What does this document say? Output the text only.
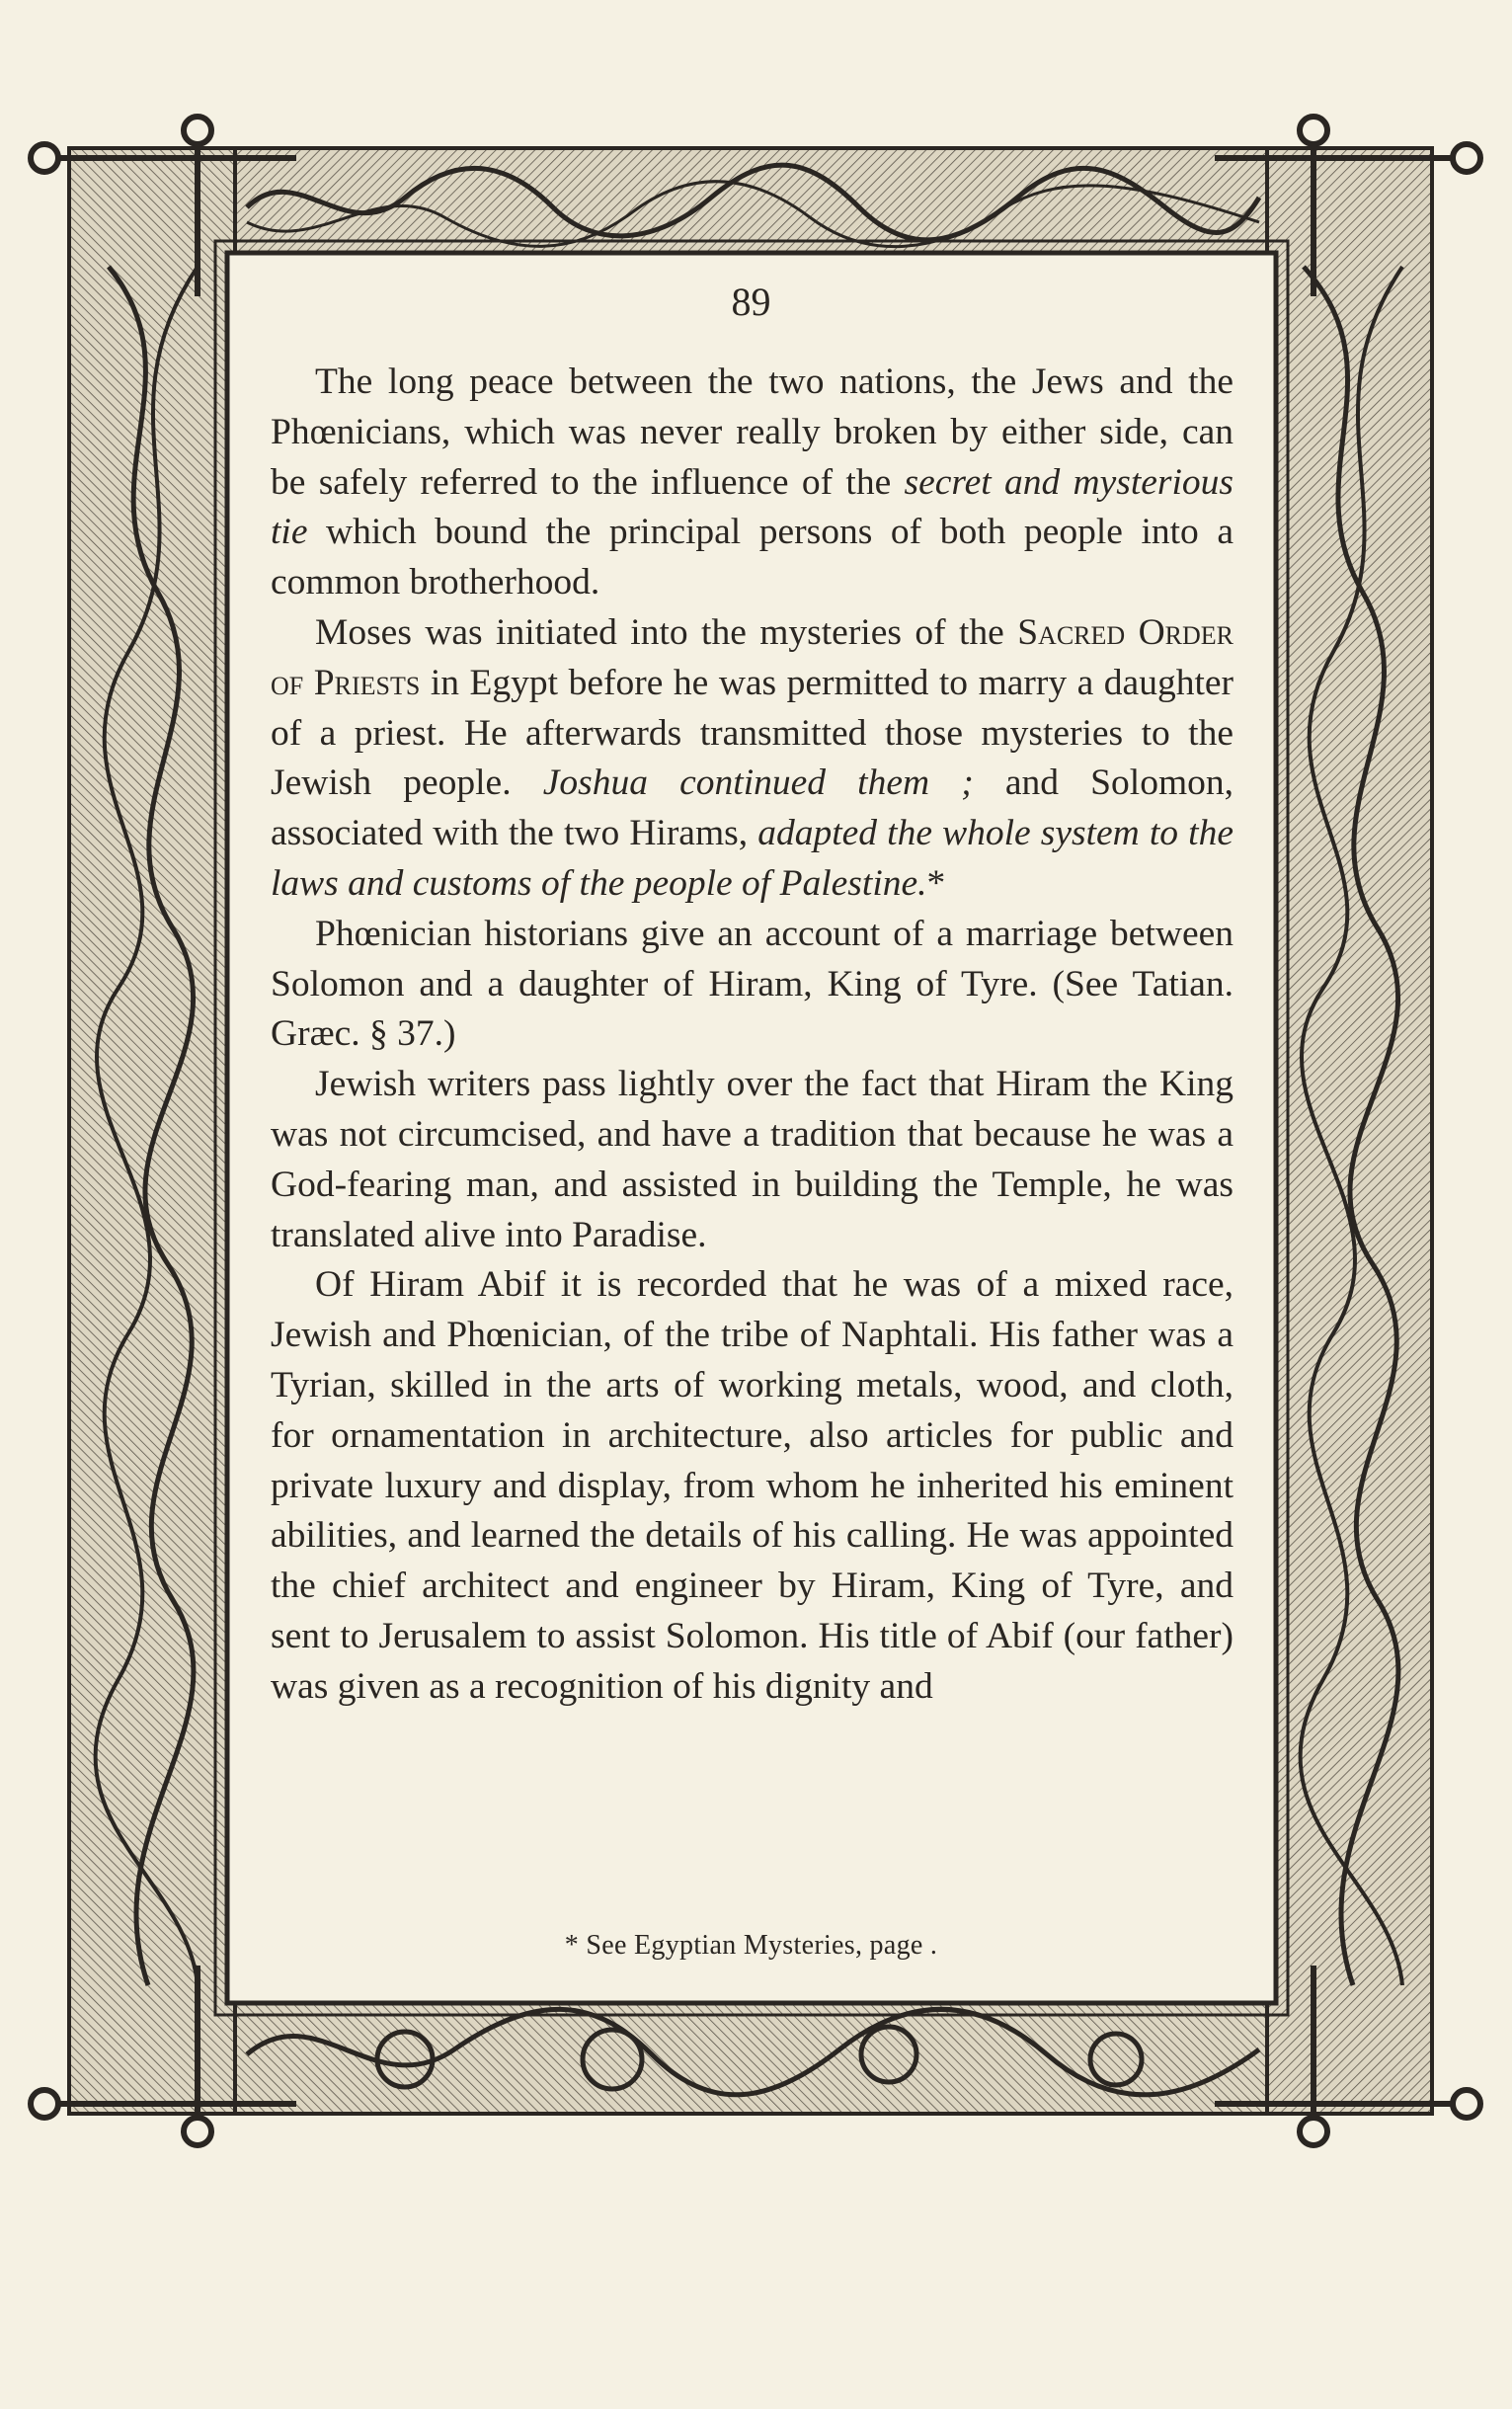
89

The long peace between the two nations, the Jews and the Phœnicians, which was never really broken by either side, can be safely referred to the influence of the secret and mysterious tie which bound the principal persons of both people into a common brotherhood.

Moses was initiated into the mysteries of the Sacred Order of Priests in Egypt before he was permitted to marry a daughter of a priest. He afterwards transmitted those mysteries to the Jewish people. Joshua continued them ; and Solomon, associated with the two Hirams, adapted the whole system to the laws and customs of the people of Palestine.*

Phœnician historians give an account of a marriage between Solomon and a daughter of Hiram, King of Tyre. (See Tatian. Græc. § 37.)

Jewish writers pass lightly over the fact that Hiram the King was not circumcised, and have a tradition that because he was a God-fearing man, and assisted in building the Temple, he was translated alive into Paradise.

Of Hiram Abif it is recorded that he was of a mixed race, Jewish and Phœnician, of the tribe of Naphtali. His father was a Tyrian, skilled in the arts of working metals, wood, and cloth, for ornamentation in architecture, also articles for public and private luxury and display, from whom he inherited his eminent abilities, and learned the details of his calling. He was appointed the chief architect and engineer by Hiram, King of Tyre, and sent to Jerusalem to assist Solomon. His title of Abif (our father) was given as a recognition of his dignity and

* See Egyptian Mysteries, page .
